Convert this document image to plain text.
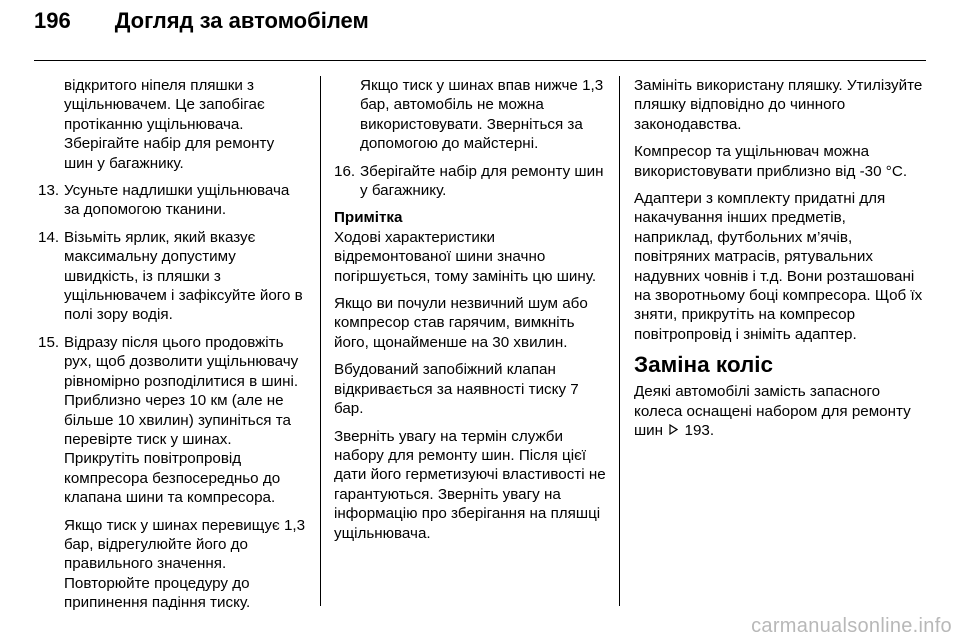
196 Догляд за автомобілем

відкритого ніпеля пляшки з ущільнювачем. Це запобігає протіканню ущільнювача. Зберігайте набір для ремонту шин у багажнику.

13. Усуньте надлишки ущільнювача за допомогою тканини.
14. Візьміть ярлик, який вказує максимальну допустиму швидкість, із пляшки з ущільнювачем і зафіксуйте його в полі зору водія.
15. Відразу після цього продовжіть рух, щоб дозволити ущільнювачу рівномірно розподілитися в шині. Приблизно через 10 км (але не більше 10 хвилин) зупиніться та перевірте тиск у шинах. Прикрутіть повітропровід компресора безпосередньо до клапана шини та компресора.

Якщо тиск у шинах перевищує 1,3 бар, відрегулюйте його до правильного значення. Повторюйте процедуру до припинення падіння тиску.

Якщо тиск у шинах впав нижче 1,3 бар, автомобіль не можна використовувати. Зверніться за допомогою до майстерні.

16. Зберігайте набір для ремонту шин у багажнику.
Примітка

Ходові характеристики відремонтованої шини значно погіршується, тому замініть цю шину.

Якщо ви почули незвичний шум або компресор став гарячим, вимкніть його, щонайменше на 30 хвилин.

Вбудований запобіжний клапан відкривається за наявності тиску 7 бар.

Зверніть увагу на термін служби набору для ремонту шин. Після цієї дати його герметизуючі властивості не гарантуються. Зверніть увагу на інформацію про зберігання на пляшці ущільнювача.

Замініть використану пляшку. Утилізуйте пляшку відповідно до чинного законодавства.

Компресор та ущільнювач можна використовувати приблизно від -30 °C.

Адаптери з комплекту придатні для накачування інших предметів, наприклад, футбольних м’ячів, повітряних матрасів, рятувальних надувних човнів і т.д. Вони розташовані на зворотньому боці компресора. Щоб їх зняти, прикрутіть на компресор повітропровід і зніміть адаптер.

Заміна коліс

Деякі автомобілі замість запасного колеса оснащені набором для ремонту шин 193.

carmanualsonline.info
